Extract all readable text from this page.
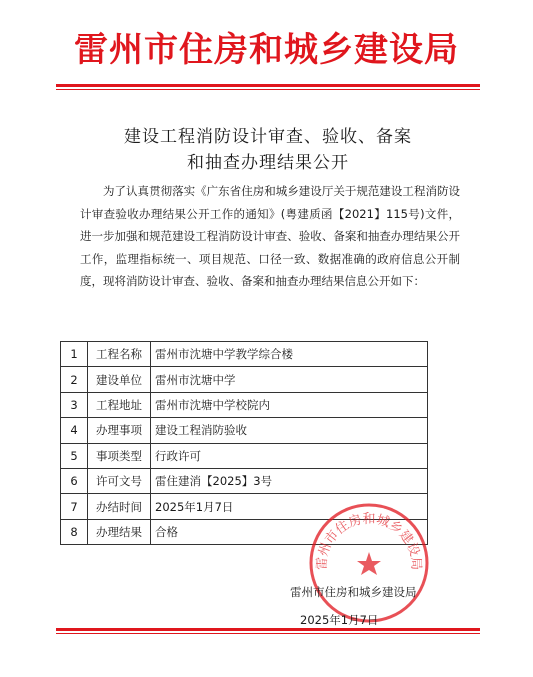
雷州市住房和城乡建设局
建设工程消防设计审查、验收、备案
和抽查办理结果公开
为了认真贯彻落实《广东省住房和城乡建设厅关于规范建设工程消防设计审查验收办理结果公开工作的通知》(粤建质函【2021】115号)文件，进一步加强和规范建设工程消防设计审查、验收、备案和抽查办理结果公开工作，监理指标统一、项目规范、口径一致、数据准确的政府信息公开制度，现将消防设计审查、验收、备案和抽查办理结果信息公开如下：
1	工程名称	雷州市沈塘中学教学综合楼
2	建设单位	雷州市沈塘中学
3	工程地址	雷州市沈塘中学校院内
4	办理事项	建设工程消防验收
5	事项类型	行政许可
6	许可文号	雷住建消【2025】3号
7	办结时间	2025年1月7日
8	办理结果	合格
雷州市住房和城乡建设局
雷州市住房和城乡建设局
2025年1月7日
